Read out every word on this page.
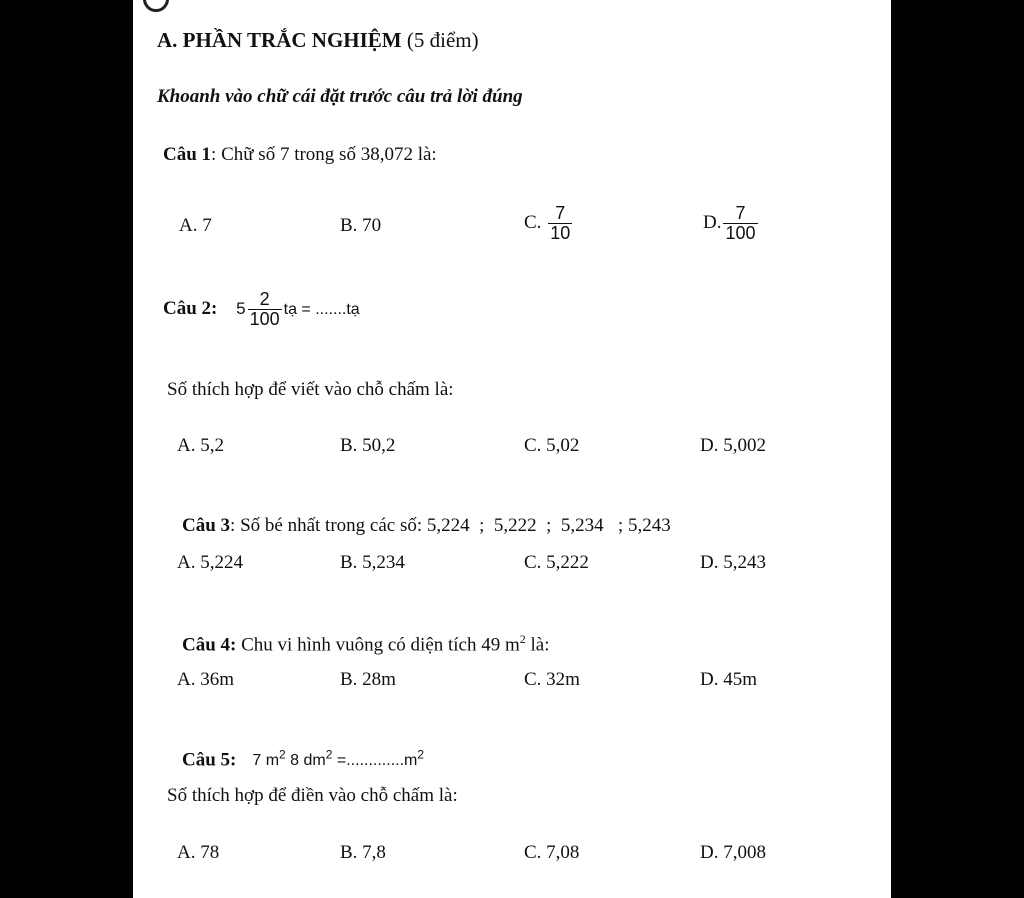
A. PHẦN TRẮC NGHIỆM (5 điểm)
Khoanh vào chữ cái đặt trước câu trả lời đúng
Câu 1: Chữ số 7 trong số 38,072 là:
A. 7	B. 70	C. $\frac{7}{10}$	D. $\frac{7}{100}$
Câu 2: $5 \frac{2}{100}$ tạ = .......tạ
Số thích hợp để viết vào chỗ chấm là:
A. 5,2	B. 50,2	C. 5,02	D. 5,002

Câu 3: Số bé nhất trong các số: 5,224  ;  5,222  ;  5,234   ; 5,243

A. 5,224	B. 5,234	C. 5,222	D. 5,243

Câu 4: Chu vi hình vuông có diện tích 49 $m^2$ là:

A. 36m	B. 28m	C. 32m	D. 45m

Câu 5: 7 $m^2$ 8 $dm^2 =.............m^2$

Số thích hợp để điền vào chỗ chấm là:
A. 78	B. 7,8	C. 7,08	D. 7,008
